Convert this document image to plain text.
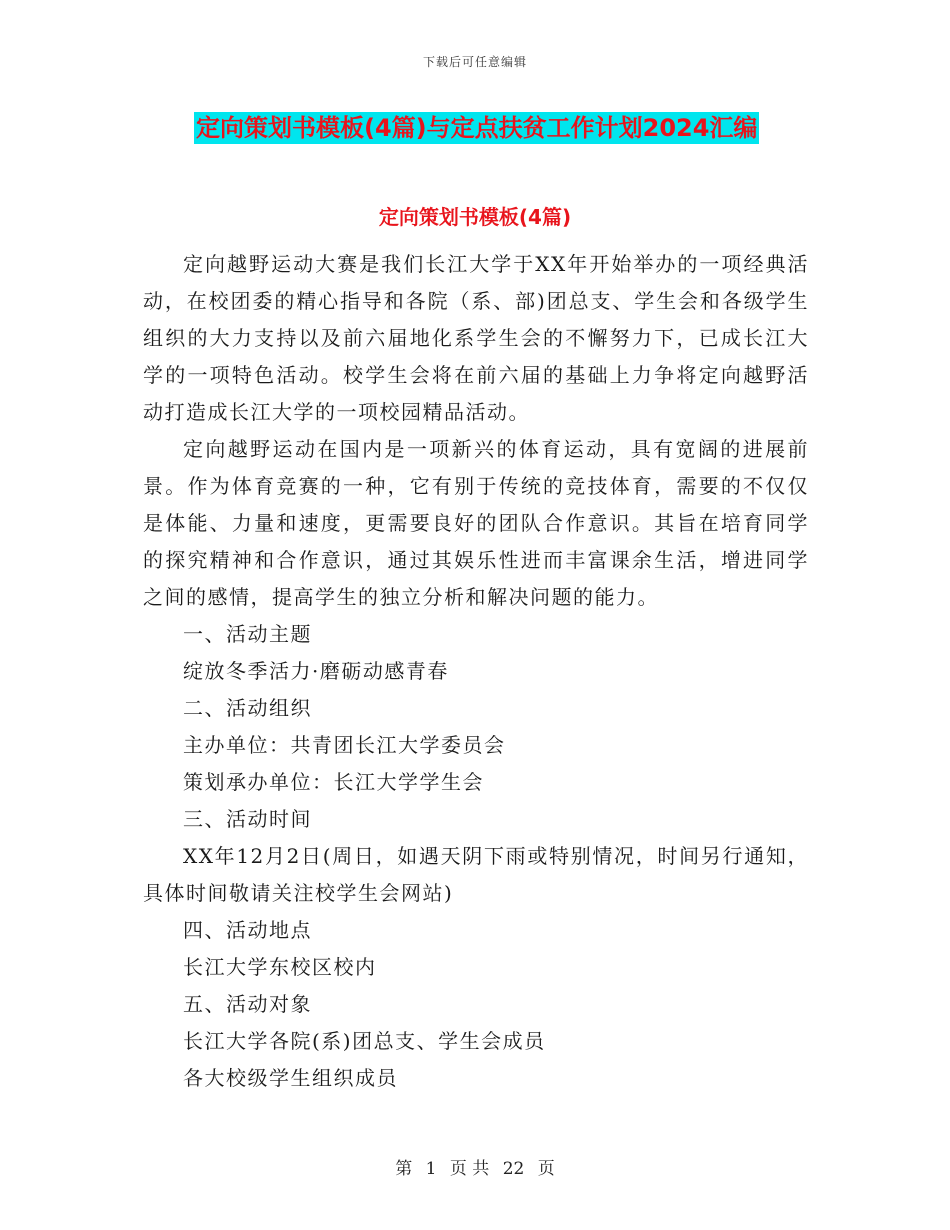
下载后可任意编辑
定向策划书模板(4篇)与定点扶贫工作计划2024汇编
定向策划书模板(4篇)

定向越野运动大赛是我们长江大学于XX年开始举办的一项经典活动，在校团委的精心指导和各院（系、部)团总支、学生会和各级学生组织的大力支持以及前六届地化系学生会的不懈努力下，已成长江大学的一项特色活动。校学生会将在前六届的基础上力争将定向越野活动打造成长江大学的一项校园精品活动。

定向越野运动在国内是一项新兴的体育运动，具有宽阔的进展前景。作为体育竞赛的一种，它有别于传统的竞技体育，需要的不仅仅是体能、力量和速度，更需要良好的团队合作意识。其旨在培育同学的探究精神和合作意识，通过其娱乐性进而丰富课余生活，增进同学之间的感情，提高学生的独立分析和解决问题的能力。

一、活动主题

绽放冬季活力·磨砺动感青春

二、活动组织

主办单位：共青团长江大学委员会

策划承办单位：长江大学学生会

三、活动时间

XX年12月2日(周日，如遇天阴下雨或特别情况，时间另行通知，具体时间敬请关注校学生会网站)

四、活动地点

长江大学东校区校内

五、活动对象

长江大学各院(系)团总支、学生会成员

各大校级学生组织成员

第 1 页 共 22 页
